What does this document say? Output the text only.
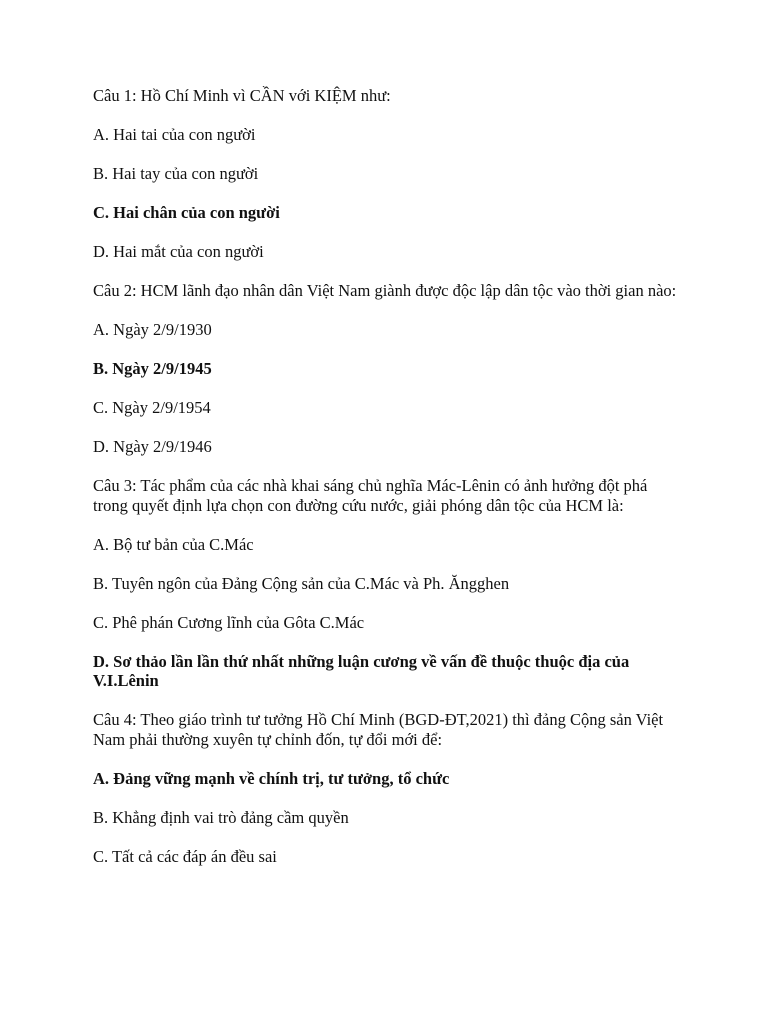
Câu 1: Hồ Chí Minh vì CẦN với KIỆM như:

A. Hai tai của con người

B. Hai tay của con người

C. Hai chân của con người

D. Hai mắt của con người

Câu 2: HCM lãnh đạo nhân dân Việt Nam giành được độc lập dân tộc vào thời gian nào:

A. Ngày 2/9/1930

B. Ngày 2/9/1945

C. Ngày 2/9/1954

D. Ngày 2/9/1946

Câu 3: Tác phẩm của các nhà khai sáng chủ nghĩa Mác-Lênin có ảnh hưởng đột phá trong quyết định lựa chọn con đường cứu nước, giải phóng dân tộc của HCM là:

A. Bộ tư bản của C.Mác

B. Tuyên ngôn của Đảng Cộng sản của C.Mác và Ph. Ăngghen

C. Phê phán Cương lĩnh của Gôta C.Mác

D. Sơ thảo lần lần thứ nhất những luận cương về vấn đề thuộc thuộc địa của V.I.Lênin

Câu 4: Theo giáo trình tư tưởng Hồ Chí Minh (BGD-ĐT,2021) thì đảng Cộng sản Việt Nam phải thường xuyên tự chỉnh đốn, tự đổi mới để:

A. Đảng vững mạnh về chính trị, tư tưởng, tổ chức

B. Khẳng định vai trò đảng cầm quyền

C. Tất cả các đáp án đều sai
